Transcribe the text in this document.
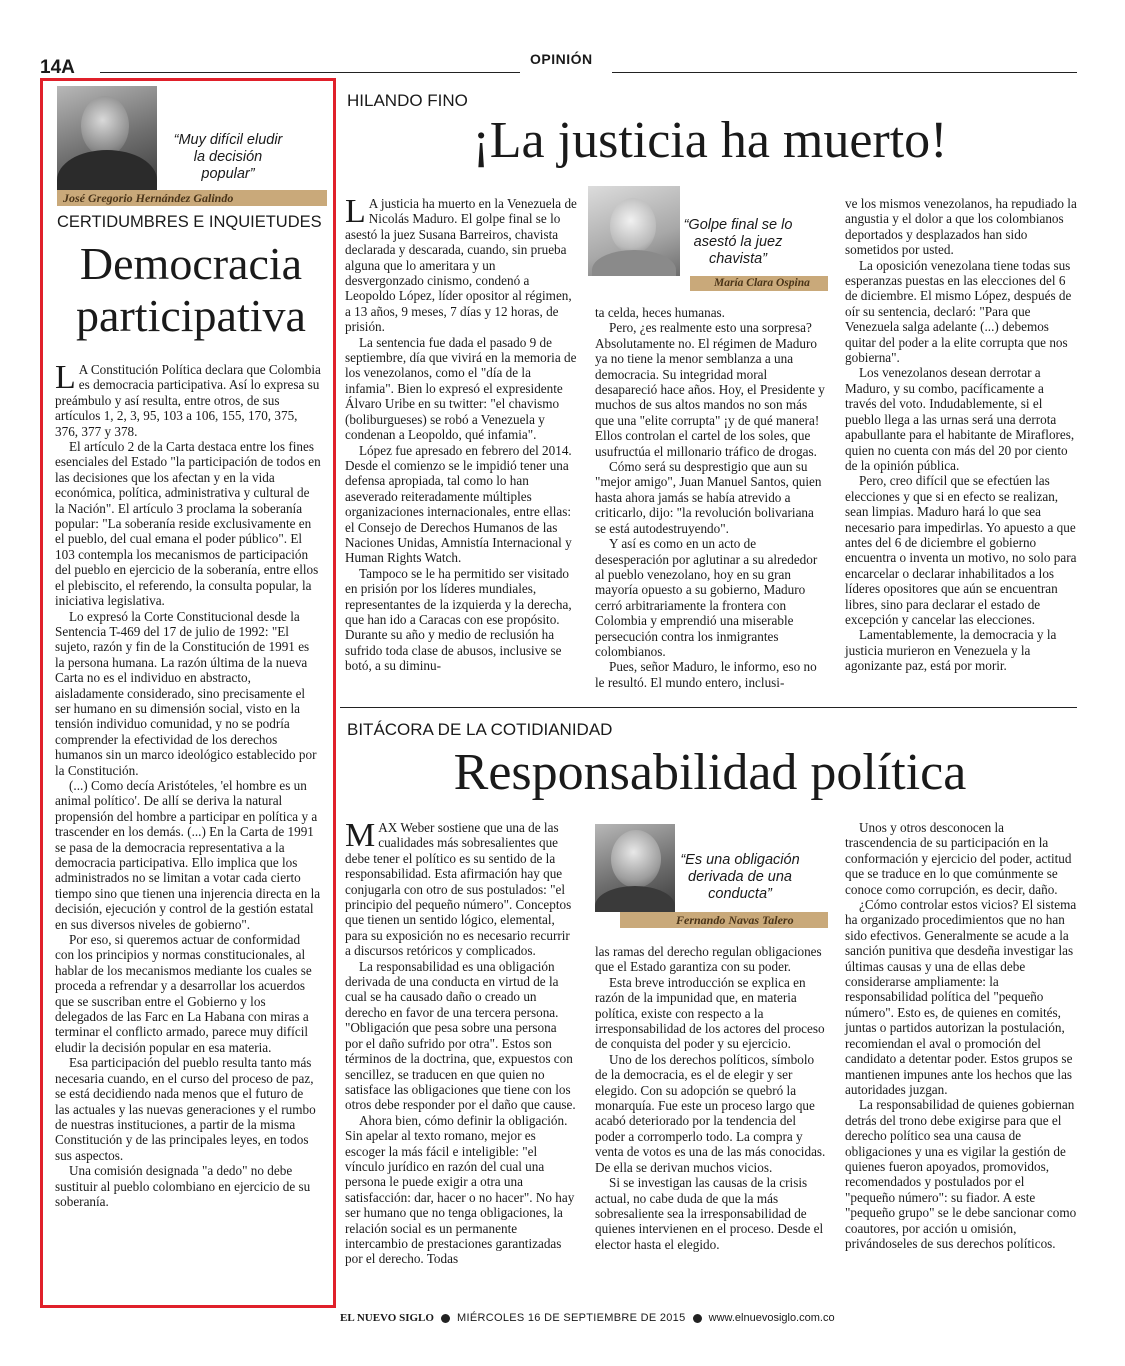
14A	OPINIÓN
“Muy difícil eludir la decisión popular”
José Gregorio Hernández Galindo
CERTIDUMBRES E INQUIETUDES
Democracia
participativa

L A Constitución Política declara que Colombia es democracia participativa. Así lo expresa su preámbulo y así resulta, entre otros, de sus artículos 1, 2, 3, 95, 103 a 106, 155, 170, 375, 376, 377 y 378.

El artículo 2 de la Carta destaca entre los fines esenciales del Estado "la participación de todos en las decisiones que los afectan y en la vida económica, política, administrativa y cultural de la Nación". El artículo 3 proclama la soberanía popular: "La soberanía reside exclusivamente en el pueblo, del cual emana el poder público". El 103 contempla los mecanismos de participación del pueblo en ejercicio de la soberanía, entre ellos el plebiscito, el referendo, la consulta popular, la iniciativa legislativa.

Lo expresó la Corte Constitucional desde la Sentencia T-469 del 17 de julio de 1992: "El sujeto, razón y fin de la Constitución de 1991 es la persona humana. La razón última de la nueva Carta no es el individuo en abstracto, aisladamente considerado, sino precisamente el ser humano en su dimensión social, visto en la tensión individuo comunidad, y no se podría comprender la efectividad de los derechos humanos sin un marco ideológico establecido por la Constitución.

(...) Como decía Aristóteles, 'el hombre es un animal político'. De allí se deriva la natural propensión del hombre a participar en política y a trascender en los demás. (...) En la Carta de 1991 se pasa de la democracia representativa a la democracia participativa. Ello implica que los administrados no se limitan a votar cada cierto tiempo sino que tienen una injerencia directa en la decisión, ejecución y control de la gestión estatal en sus diversos niveles de gobierno".

Por eso, si queremos actuar de conformidad con los principios y normas constitucionales, al hablar de los mecanismos mediante los cuales se proceda a refrendar y a desarrollar los acuerdos que se suscriban entre el Gobierno y los delegados de las Farc en La Habana con miras a terminar el conflicto armado, parece muy difícil eludir la decisión popular en esa materia.

Esa participación del pueblo resulta tanto más necesaria cuando, en el curso del proceso de paz, se está decidiendo nada menos que el futuro de las actuales y las nuevas generaciones y el rumbo de nuestras instituciones, a partir de la misma Constitución y de las principales leyes, en todos sus aspectos.

Una comisión designada "a dedo" no debe sustituir al pueblo colombiano en ejercicio de su soberanía.

HILANDO FINO
¡La justicia ha muerto!

L A justicia ha muerto en la Venezuela de Nicolás Maduro. El golpe final se lo asestó la juez Susana Barreiros, chavista declarada y descarada, cuando, sin prueba alguna que lo ameritara y un desvergonzado cinismo, condenó a Leopoldo López, líder opositor al régimen, a 13 años, 9 meses, 7 días y 12 horas, de prisión.

La sentencia fue dada el pasado 9 de septiembre, día que vivirá en la memoria de los venezolanos, como el "día de la infamia". Bien lo expresó el expresidente Álvaro Uribe en su twitter: "el chavismo (boliburgueses) se robó a Venezuela y condenan a Leopoldo, qué infamia".

López fue apresado en febrero del 2014. Desde el comienzo se le impidió tener una defensa apropiada, tal como lo han aseverado reiteradamente múltiples organizaciones internacionales, entre ellas: el Consejo de Derechos Humanos de las Naciones Unidas, Amnistía Internacional y Human Rights Watch.

Tampoco se le ha permitido ser visitado en prisión por los líderes mundiales, representantes de la izquierda y la derecha, que han ido a Caracas con ese propósito. Durante su año y medio de reclusión ha sufrido toda clase de abusos, inclusive se botó, a su diminu-

“Golpe final se lo asestó la juez chavista”
María Clara Ospina

ta celda, heces humanas.

Pero, ¿es realmente esto una sorpresa? Absolutamente no. El régimen de Maduro ya no tiene la menor semblanza a una democracia. Su integridad moral desapareció hace años. Hoy, el Presidente y muchos de sus altos mandos no son más que una "elite corrupta" ¡y de qué manera! Ellos controlan el cartel de los soles, que usufructúa el millonario tráfico de drogas.

Cómo será su desprestigio que aun su "mejor amigo", Juan Manuel Santos, quien hasta ahora jamás se había atrevido a criticarlo, dijo: "la revolución bolivariana se está autodestruyendo".

Y así es como en un acto de desesperación por aglutinar a su alrededor al pueblo venezolano, hoy en su gran mayoría opuesto a su gobierno, Maduro cerró arbitrariamente la frontera con Colombia y emprendió una miserable persecución contra los inmigrantes colombianos.

Pues, señor Maduro, le informo, eso no le resultó. El mundo entero, inclusi-

ve los mismos venezolanos, ha repudiado la angustia y el dolor a que los colombianos deportados y desplazados han sido sometidos por usted.

La oposición venezolana tiene todas sus esperanzas puestas en las elecciones del 6 de diciembre. El mismo López, después de oír su sentencia, declaró: "Para que Venezuela salga adelante (...) debemos quitar del poder a la elite corrupta que nos gobierna".

Los venezolanos desean derrotar a Maduro, y su combo, pacíficamente a través del voto. Indudablemente, si el pueblo llega a las urnas será una derrota apabullante para el habitante de Miraflores, quien no cuenta con más del 20 por ciento de la opinión pública.

Pero, creo difícil que se efectúen las elecciones y que si en efecto se realizan, sean limpias. Maduro hará lo que sea necesario para impedirlas. Yo apuesto a que antes del 6 de diciembre el gobierno encuentra o inventa un motivo, no solo para encarcelar o declarar inhabilitados a los líderes opositores que aún se encuentran libres, sino para declarar el estado de excepción y cancelar las elecciones.

Lamentablemente, la democracia y la justicia murieron en Venezuela y la agonizante paz, está por morir.

BITÁCORA DE LA COTIDIANIDAD
Responsabilidad política

MAX Weber sostiene que una de las cualidades más sobresalientes que debe tener el político es su sentido de la responsabilidad. Esta afirmación hay que conjugarla con otro de sus postulados: "el principio del pequeño número". Conceptos que tienen un sentido lógico, elemental, para su exposición no es necesario recurrir a discursos retóricos y complicados.

La responsabilidad es una obligación derivada de una conducta en virtud de la cual se ha causado daño o creado un derecho en favor de una tercera persona. "Obligación que pesa sobre una persona por el daño sufrido por otra". Estos son términos de la doctrina, que, expuestos con sencillez, se traducen en que quien no satisface las obligaciones que tiene con los otros debe responder por el daño que cause.

Ahora bien, cómo definir la obligación. Sin apelar al texto romano, mejor es escoger la más fácil e inteligible: "el vínculo jurídico en razón del cual una persona le puede exigir a otra una satisfacción: dar, hacer o no hacer". No hay ser humano que no tenga obligaciones, la relación social es un permanente intercambio de prestaciones garantizadas por el derecho. Todas

“Es una obligación derivada de una conducta”
Fernando Navas Talero

las ramas del derecho regulan obligaciones que el Estado garantiza con su poder.

Esta breve introducción se explica en razón de la impunidad que, en materia política, existe con respecto a la irresponsabilidad de los actores del proceso de conquista del poder y su ejercicio.

Uno de los derechos políticos, símbolo de la democracia, es el de elegir y ser elegido. Con su adopción se quebró la monarquía. Fue este un proceso largo que acabó deteriorado por la tendencia del poder a corromperlo todo. La compra y venta de votos es una de las más conocidas. De ella se derivan muchos vicios.

Si se investigan las causas de la crisis actual, no cabe duda de que la más sobresaliente sea la irresponsabilidad de quienes intervienen en el proceso. Desde el elector hasta el elegido.

Unos y otros desconocen la trascendencia de su participación en la conformación y ejercicio del poder, actitud que se traduce en lo que comúnmente se conoce como corrupción, es decir, daño.

¿Cómo controlar estos vicios? El sistema ha organizado procedimientos que no han sido efectivos. Generalmente se acude a la sanción punitiva que desdeña investigar las últimas causas y una de ellas debe considerarse ampliamente: la responsabilidad política del "pequeño número". Esto es, de quienes en comités, juntas o partidos autorizan la postulación, recomiendan el aval o promoción del candidato a detentar poder. Estos grupos se mantienen impunes ante los hechos que las autoridades juzgan.

La responsabilidad de quienes gobiernan detrás del trono debe exigirse para que el derecho político sea una causa de obligaciones y una es vigilar la gestión de quienes fueron apoyados, promovidos, recomendados y postulados por el "pequeño número": su fiador. A este "pequeño grupo" se le debe sancionar como coautores, por acción u omisión, privándoseles de sus derechos políticos.

EL NUEVO SIGLO MIÉRCOLES 16 DE SEPTIEMBRE DE 2015 www.elnuevosiglo.com.co
